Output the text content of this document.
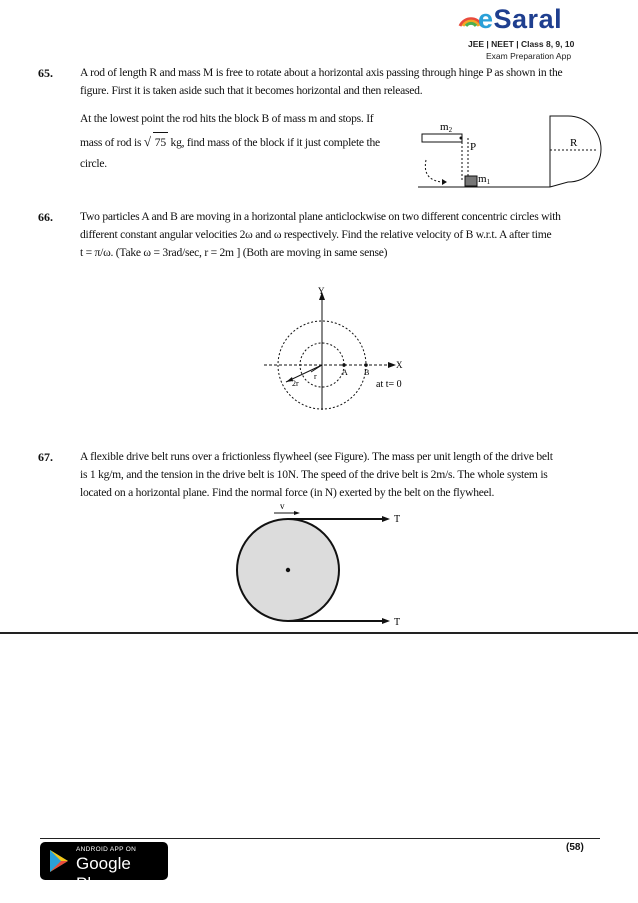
eSaral
JEE | NEET | Class 8, 9, 10
Exam Preparation App
65. A rod of length R and mass M is free to rotate about a horizontal axis passing through hinge P as shown in the
figure. First it is taken aside such that it becomes horizontal and then released.
At the lowest point the rod hits the block B of mass m and stops. If
mass of rod is √ 75 kg, find mass of the block if it just complete the
circle.
m2
P	R
m1
66. Two particles A and B are moving in a horizontal plane anticlockwise on two different concentric circles with
different constant angular velocities 2ω and ω respectively. Find the relative velocity of B w.r.t. A after time
t = π/ω. (Take ω = 3rad/sec, r = 2m ] (Both are moving in same sense)
Y
X
A B
r
2r	at t= 0
67. A flexible drive belt runs over a frictionless flywheel (see Figure). The mass per unit length of the drive belt
is 1 kg/m, and the tension in the drive belt is 10N. The speed of the drive belt is 2m/s. The whole system is
located on a horizontal plane. Find the normal force (in N) exerted by the belt on the flywheel.
v
T
T
ANDROID APP ON
Google Play
(58)
